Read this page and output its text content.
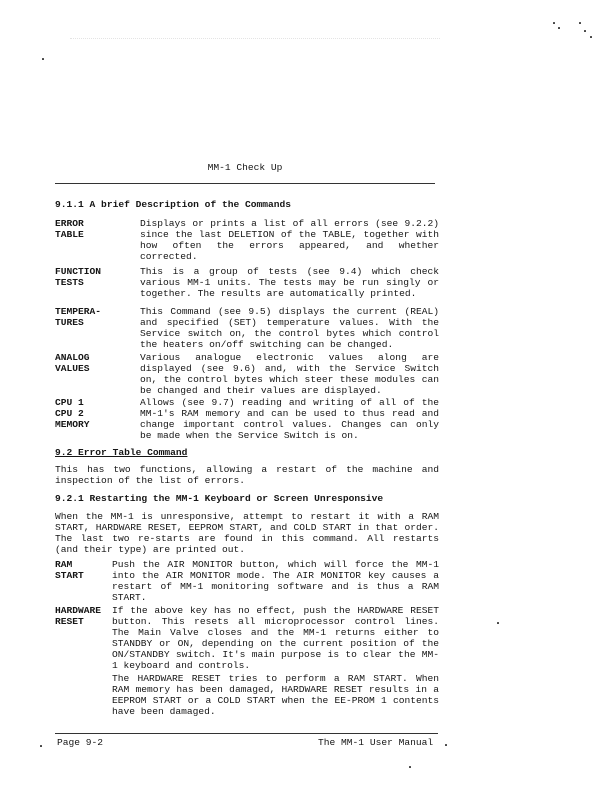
MM-1 Check Up
9.1.1 A brief Description of the Commands
ERROR
TABLE
Displays or prints a list of all errors (see 9.2.2) since the last DELETION of the TABLE, together with how often the errors appeared, and whether corrected.
FUNCTION
TESTS
This is a group of tests (see 9.4) which check various MM-1 units. The tests may be run singly or together. The results are automatically printed.
TEMPERA-
TURES
This Command (see 9.5) displays the current (REAL) and specified (SET) temperature values. With the Service switch on, the control bytes which control the heaters on/off switching can be changed.
ANALOG
VALUES
Various analogue electronic values along are displayed (see 9.6) and, with the Service Switch on, the control bytes which steer these modules can be changed and their values are displayed.
CPU 1
CPU 2
MEMORY
Allows (see 9.7) reading and writing of all of the MM-1's RAM memory and can be used to thus read and change important control values. Changes can only be made when the Service Switch is on.
9.2 Error Table Command
This has two functions, allowing a restart of the machine and inspection of the list of errors.
9.2.1 Restarting the MM-1 Keyboard or Screen Unresponsive
When the MM-1 is unresponsive, attempt to restart it with a RAM START, HARDWARE RESET, EEPROM START, and COLD START in that order. The last two re-starts are found in this command. All restarts (and their type) are printed out.
RAM
START
Push the AIR MONITOR button, which will force the MM-1 into the AIR MONITOR mode. The AIR MONITOR key causes a restart of MM-1 monitoring software and is thus a RAM START.
HARDWARE
RESET
If the above key has no effect, push the HARDWARE RESET button. This resets all microprocessor control lines. The Main Valve closes and the MM-1 returns either to STANDBY or ON, depending on the current position of the ON/STANDBY switch. It's main purpose is to clear the MM-1 keyboard and controls.
The HARDWARE RESET tries to perform a RAM START. When RAM memory has been damaged, HARDWARE RESET results in a EEPROM START or a COLD START when the EE-PROM 1 contents have been damaged.
Page 9-2	The MM-1 User Manual
